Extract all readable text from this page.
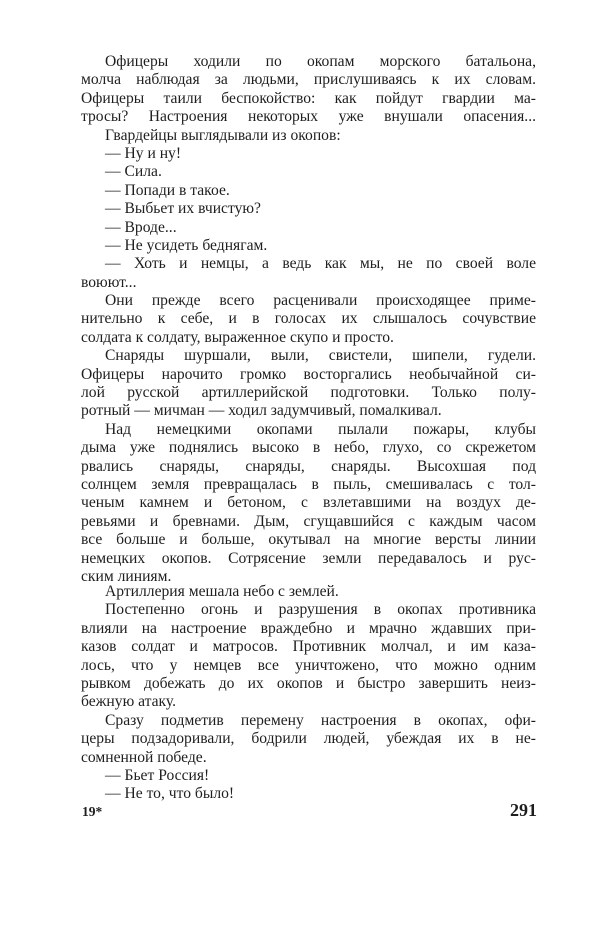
Офицеры ходили по окопам морского батальона,
молча наблюдая за людьми, прислушиваясь к их словам.
Офицеры таили беспокойство: как пойдут гвардии ма-
тросы? Настроения некоторых уже внушали опасения...
Гвардейцы выглядывали из окопов:
— Ну и ну!
— Сила.
— Попади в такое.
— Выбьет их вчистую?
— Вроде...
— Не усидеть беднягам.
— Хоть и немцы, а ведь как мы, не по своей воле
воюют...
Они прежде всего расценивали происходящее приме-
нительно к себе, и в голосах их слышалось сочувствие
солдата к солдату, выраженное скупо и просто.
Снаряды шуршали, выли, свистели, шипели, гудели.
Офицеры нарочито громко восторгались необычайной си-
лой русской артиллерийской подготовки. Только полу-
ротный — мичман — ходил задумчивый, помалкивал.
Над немецкими окопами пылали пожары, клубы
дыма уже поднялись высоко в небо, глухо, со скрежетом
рвались снаряды, снаряды, снаряды. Высохшая под
солнцем земля превращалась в пыль, смешивалась с тол-
ченым камнем и бетоном, с взлетавшими на воздух де-
ревьями и бревнами. Дым, сгущавшийся с каждым часом
все больше и больше, окутывал на многие версты линии
немецких окопов. Сотрясение земли передавалось и рус-
ским линиям.
Артиллерия мешала небо с землей.
Постепенно огонь и разрушения в окопах противника
влияли на настроение враждебно и мрачно ждавших при-
казов солдат и матросов. Противник молчал, и им каза-
лось, что у немцев все уничтожено, что можно одним
рывком добежать до их окопов и быстро завершить неиз-
бежную атаку.
Сразу подметив перемену настроения в окопах, офи-
церы подзадоривали, бодрили людей, убеждая их в не-
сомненной победе.
— Бьет Россия!
— Не то, что было!
19*	291
